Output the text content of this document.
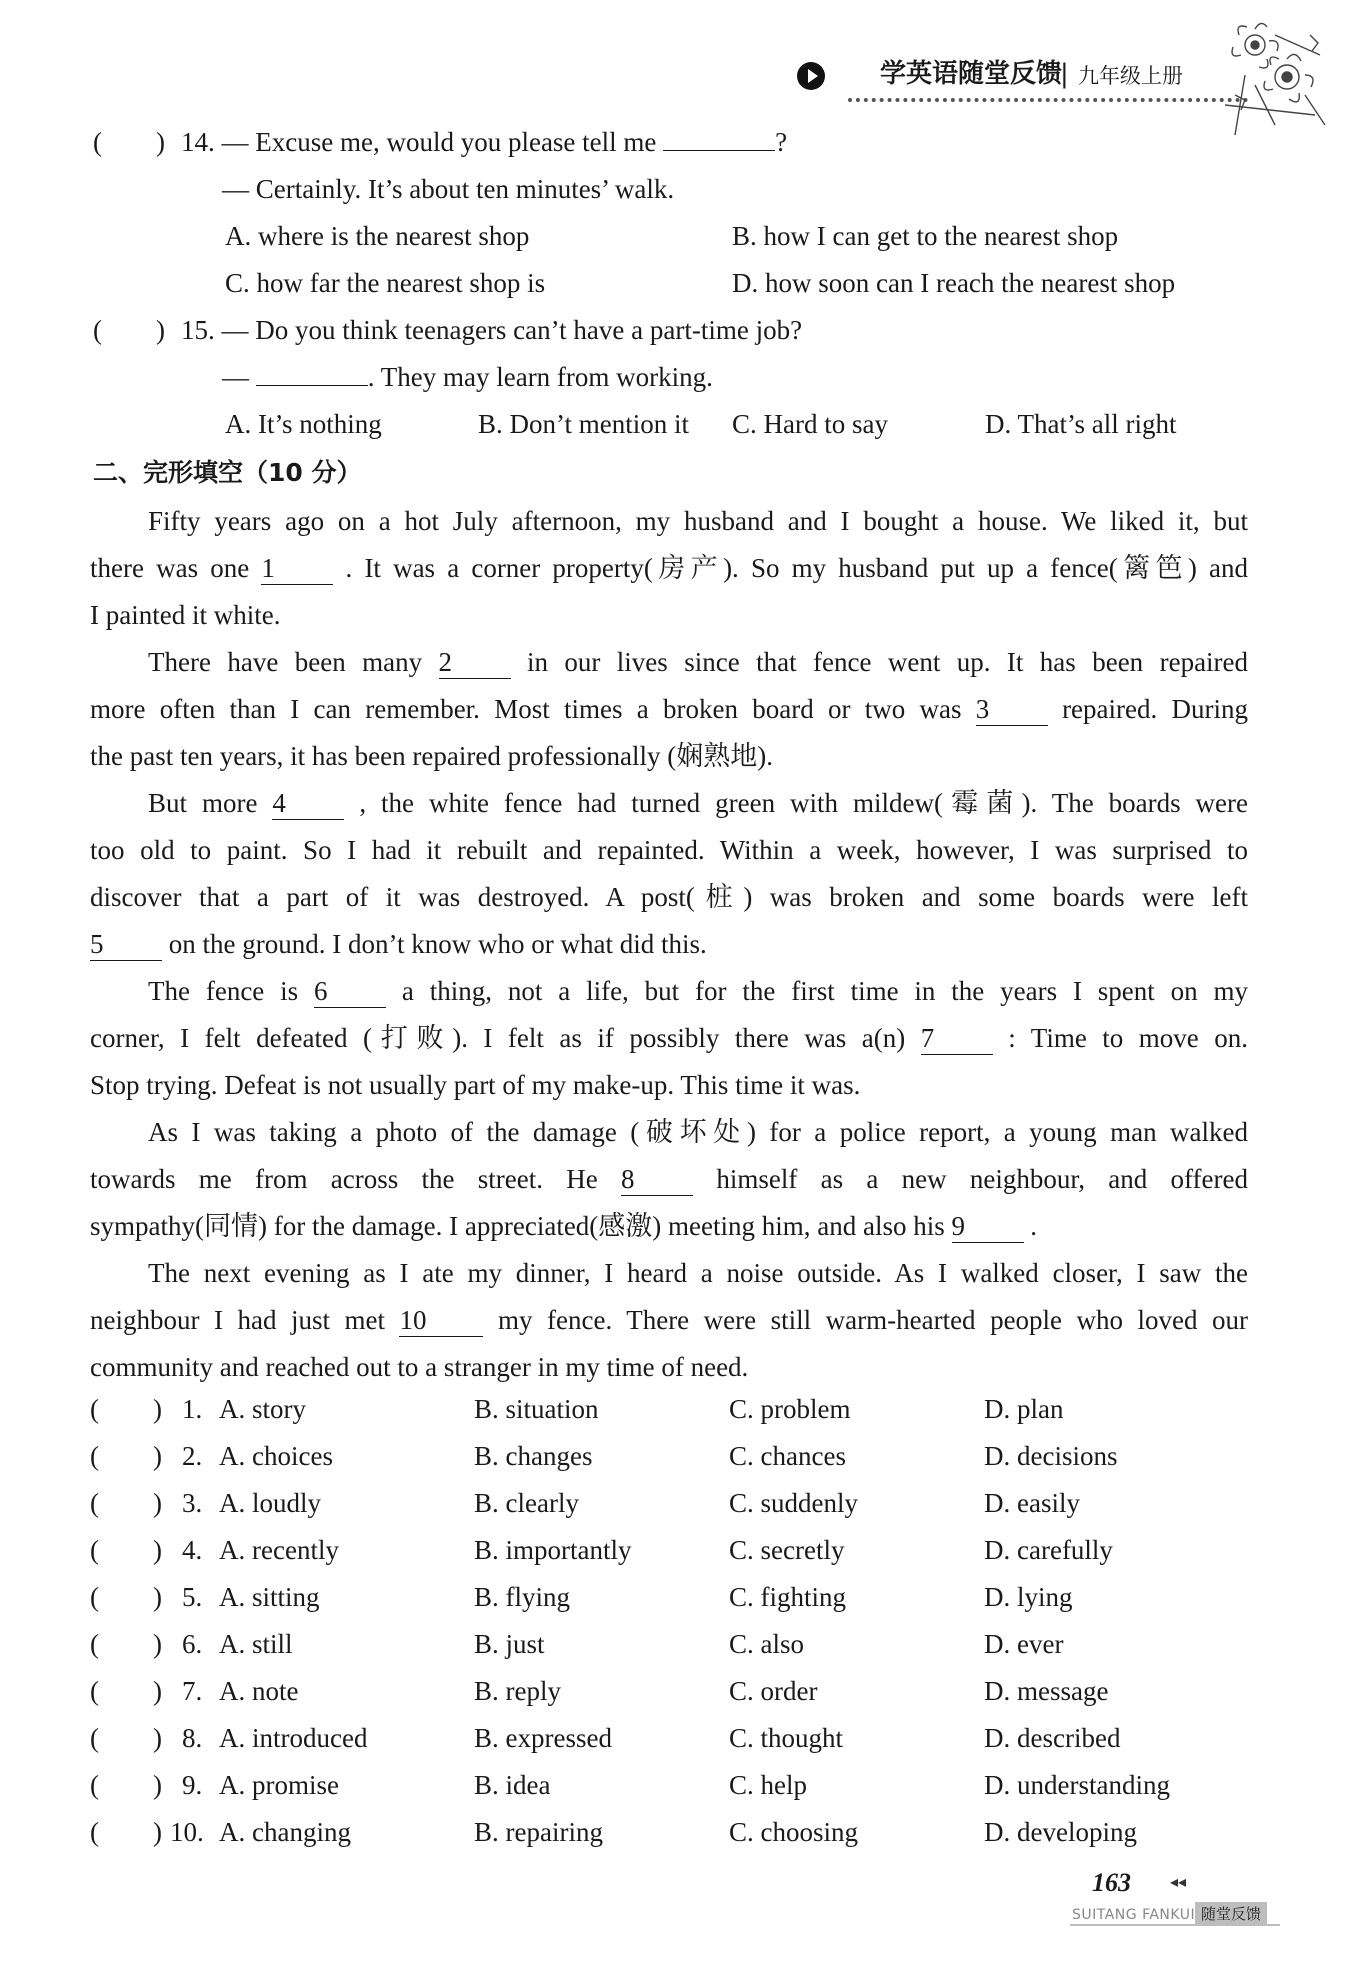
学英语随堂反馈
| 九年级上册
(　　) 14. — Excuse me, would you please tell me	?
— Certainly. It’s about ten minutes’ walk.
A. where is the nearest shop	B. how I can get to the nearest shop
C. how far the nearest shop is	D. how soon can I reach the nearest shop
(　　) 15. — Do you think teenagers can’t have a part-time job?
—	. They may learn from working.
A. It’s nothing	B. Don’t mention it C. Hard to say	D. That’s all right
二、完形填空（10 分）
Fifty years ago on a hot July afternoon, my husband and I bought a house. We liked it, but
there was one 1	. It was a corner property(房产). So my husband put up a fence(篱笆) and
I painted it white.
There have been many 2	in our lives since that fence went up. It has been repaired
more often than I can remember. Most times a broken board or two was 3	repaired. During
the past ten years, it has been repaired professionally (娴熟地).
But more 4	, the white fence had turned green with mildew(霉菌). The boards were
too old to paint. So I had it rebuilt and repainted. Within a week, however, I was surprised to
discover that a part of it was destroyed. A post(桩) was broken and some boards were left
5 on the ground. I don’t know who or what did this.
The fence is 6	a thing, not a life, but for the first time in the years I spent on my
corner, I felt defeated (打败). I felt as if possibly there was a(n) 7	: Time to move on.
Stop trying. Defeat is not usually part of my make-up. This time it was.
As I was taking a photo of the damage (破坏处) for a police report, a young man walked
towards me from across the street. He 8	himself as a new neighbour, and offered
sympathy(同情) for the damage. I appreciated(感激) meeting him, and also his 9 .
The next evening as I ate my dinner, I heard a noise outside. As I walked closer, I saw the
neighbour I had just met 10	my fence. There were still warm-hearted people who loved our
community and reached out to a stranger in my time of need.
(　　) 1. A. story	B. situation	C. problem	D. plan
(　　) 2. A. choices	B. changes	C. chances	D. decisions
(　　) 3. A. loudly	B. clearly	C. suddenly	D. easily
(　　) 4. A. recently	B. importantly	C. secretly	D. carefully
(　　) 5. A. sitting	B. flying	C. fighting	D. lying
(　　) 6. A. still	B. just	C. also	D. ever
(　　) 7. A. note	B. reply	C. order	D. message
(　　) 8. A. introduced	B. expressed	C. thought	D. described
(　　) 9. A. promise	B. idea	C. help	D. understanding
(　　) 10. A. changing	B. repairing	C. choosing	D. developing
163 ◂◂
SUITANG FANKUI 随堂反馈
